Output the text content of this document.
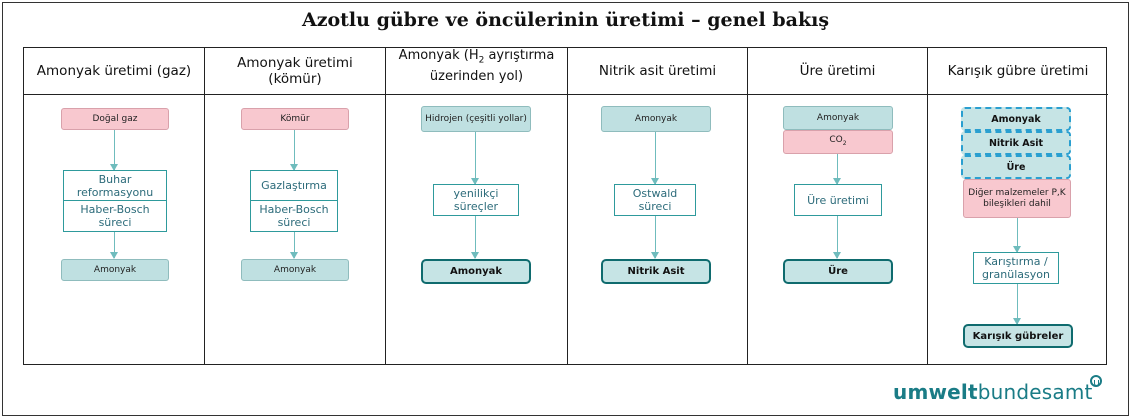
Azotlu gübre ve öncülerinin üretimi – genel bakış
Amonyak üretimi (gaz)
Doğal gaz
Buhar reformasyonu
Haber-Bosch süreci
Amonyak
Amonyak üretimi (kömür)
Kömür
Gazlaştırma
Haber-Bosch süreci
Amonyak
Amonyak ($H_2$ ayrıştırma üzerinden yol)
Hidrojen (çeşitli yollar)
yenilikçi süreçler
Amonyak
Nitrik asit üretimi
Amonyak
Ostwald süreci
Nitrik Asit
Üre üretimi
Amonyak
$CO_2$
Üre üretimi
Üre
Karışık gübre üretimi
Amonyak
Nitrik Asit
Üre
Diğer malzemeler P,K bileşikleri dahil
Karıştırma / granülasyon
Karışık gübreler
umweltbundesamt
